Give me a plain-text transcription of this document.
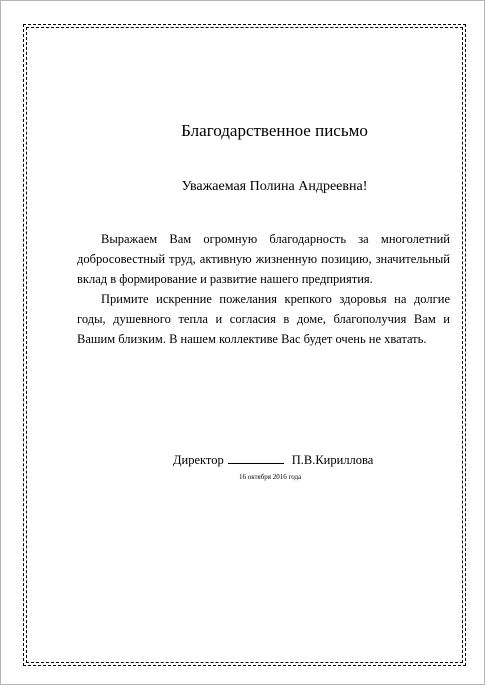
Благодарственное письмо
Уважаемая Полина Андреевна!

Выражаем Вам огромную благодарность за многолетний добросовестный труд, активную жизненную позицию, значительный вклад в формирование и развитие нашего предприятия.

Примите искренние пожелания крепкого здоровья на долгие годы, душевного тепла и согласия в доме, благополучия Вам и Вашим близким. В нашем коллективе Вас будет очень не хватать.

Директор	П.В.Кириллова
16 октября 2016 года
